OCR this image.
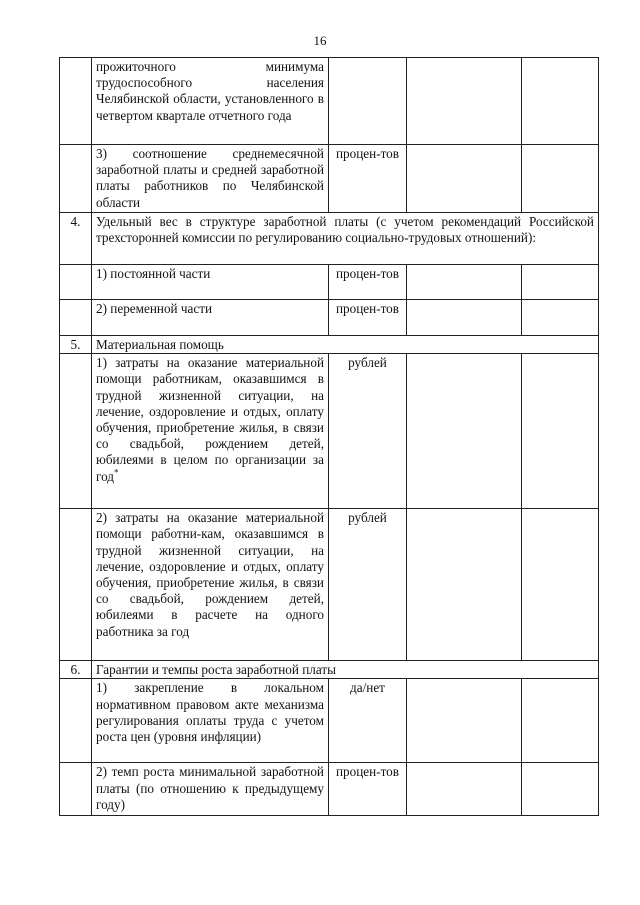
16
	прожиточного минимума трудоспособного населения Челябинской области, установленного в четвертом квартале отчетного года			
	3) соотношение среднемесячной заработной платы и средней заработной платы работников по Челябинской области	процен-тов		
4.	Удельный вес в структуре заработной платы (с учетом рекомендаций Российской трехсторонней комиссии по регулированию социально-трудовых отношений):			
	1) постоянной части	процен-тов		
	2) переменной части	процен-тов		
5.	Материальная помощь			
	1) затраты на оказание материальной помощи работникам, оказавшимся в трудной жизненной ситуации, на лечение, оздоровление и отдых, оплату обучения, приобретение жилья, в связи со свадьбой, рождением детей, юбилеями в целом по организации за год*	рублей		
	2) затраты на оказание материальной помощи работни-кам, оказавшимся в трудной жизненной ситуации, на лечение, оздоровление и отдых, оплату обучения, приобретение жилья, в связи со свадьбой, рождением детей, юбилеями в расчете на одного работника за год	рублей		
6.	Гарантии и темпы роста заработной платы			
	1) закрепление в локальном нормативном правовом акте механизма регулирования оплаты труда с учетом роста цен (уровня инфляции)	да/нет		
	2) темп роста минимальной заработной платы (по отношению к предыдущему году)	процен-тов		
